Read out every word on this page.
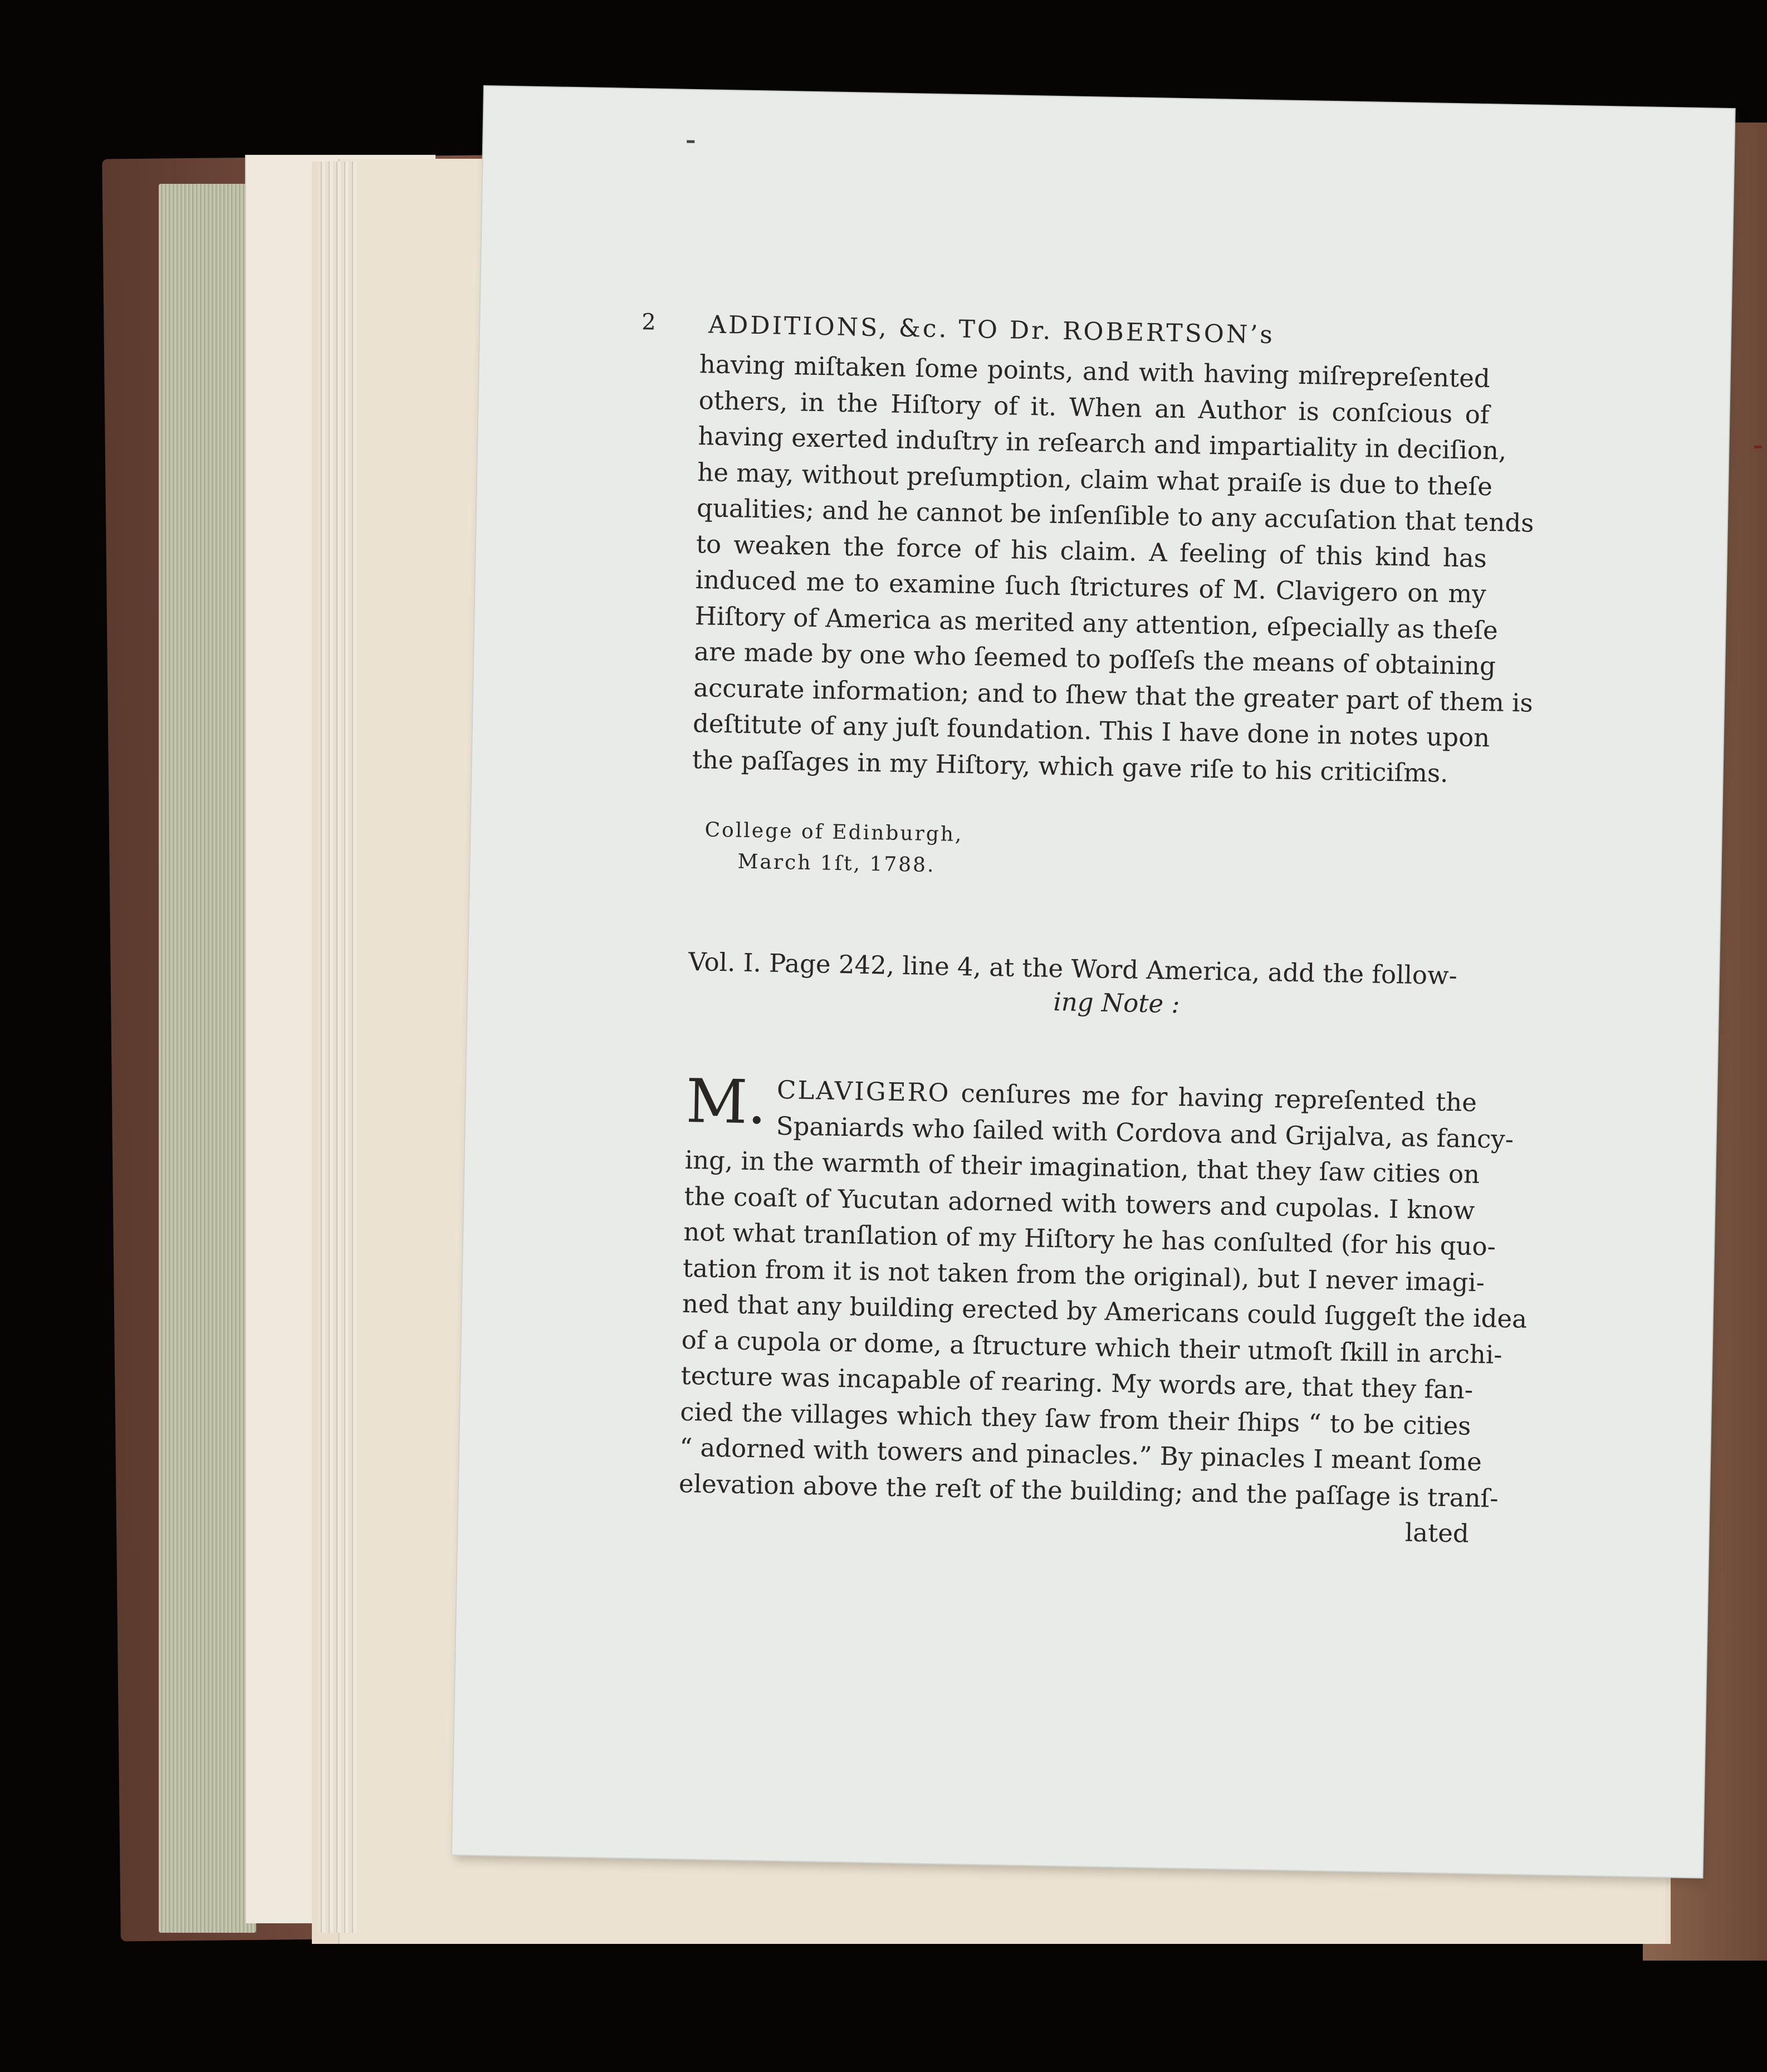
2 ADDITIONS, &c. TO Dr. ROBERTSON’s
having miſtaken ſome points, and with having miſrepreſented
others, in the Hiſtory of it. When an Author is conſcious of
having exerted induſtry in reſearch and impartiality in deciſion,
he may, without preſumption, claim what praiſe is due to theſe
qualities; and he cannot be inſenſible to any accuſation that tends
to weaken the force of his claim. A feeling of this kind has
induced me to examine ſuch ſtrictures of M. Clavigero on my
Hiſtory of America as merited any attention, eſpecially as theſe
are made by one who ſeemed to poſſeſs the means of obtaining
accurate information; and to ſhew that the greater part of them is
deſtitute of any juſt foundation. This I have done in notes upon
the paſſages in my Hiſtory, which gave riſe to his criticiſms.
College of Edinburgh,
March 1ſt, 1788.
Vol. I. Page 242, line 4, at the Word America, add the follow-
ing Note :
M. CLAVIGERO cenſures me for having repreſented the
Spaniards who ſailed with Cordova and Grijalva, as fancy-
ing, in the warmth of their imagination, that they ſaw cities on
the coaſt of Yucutan adorned with towers and cupolas. I know
not what tranſlation of my Hiſtory he has conſulted (for his quo-
tation from it is not taken from the original), but I never imagi-
ned that any building erected by Americans could ſuggeſt the idea
of a cupola or dome, a ſtructure which their utmoſt ſkill in archi-
tecture was incapable of rearing. My words are, that they fan-
cied the villages which they ſaw from their ſhips “ to be cities
“ adorned with towers and pinacles.” By pinacles I meant ſome
elevation above the reſt of the building; and the paſſage is tranſ-
lated
